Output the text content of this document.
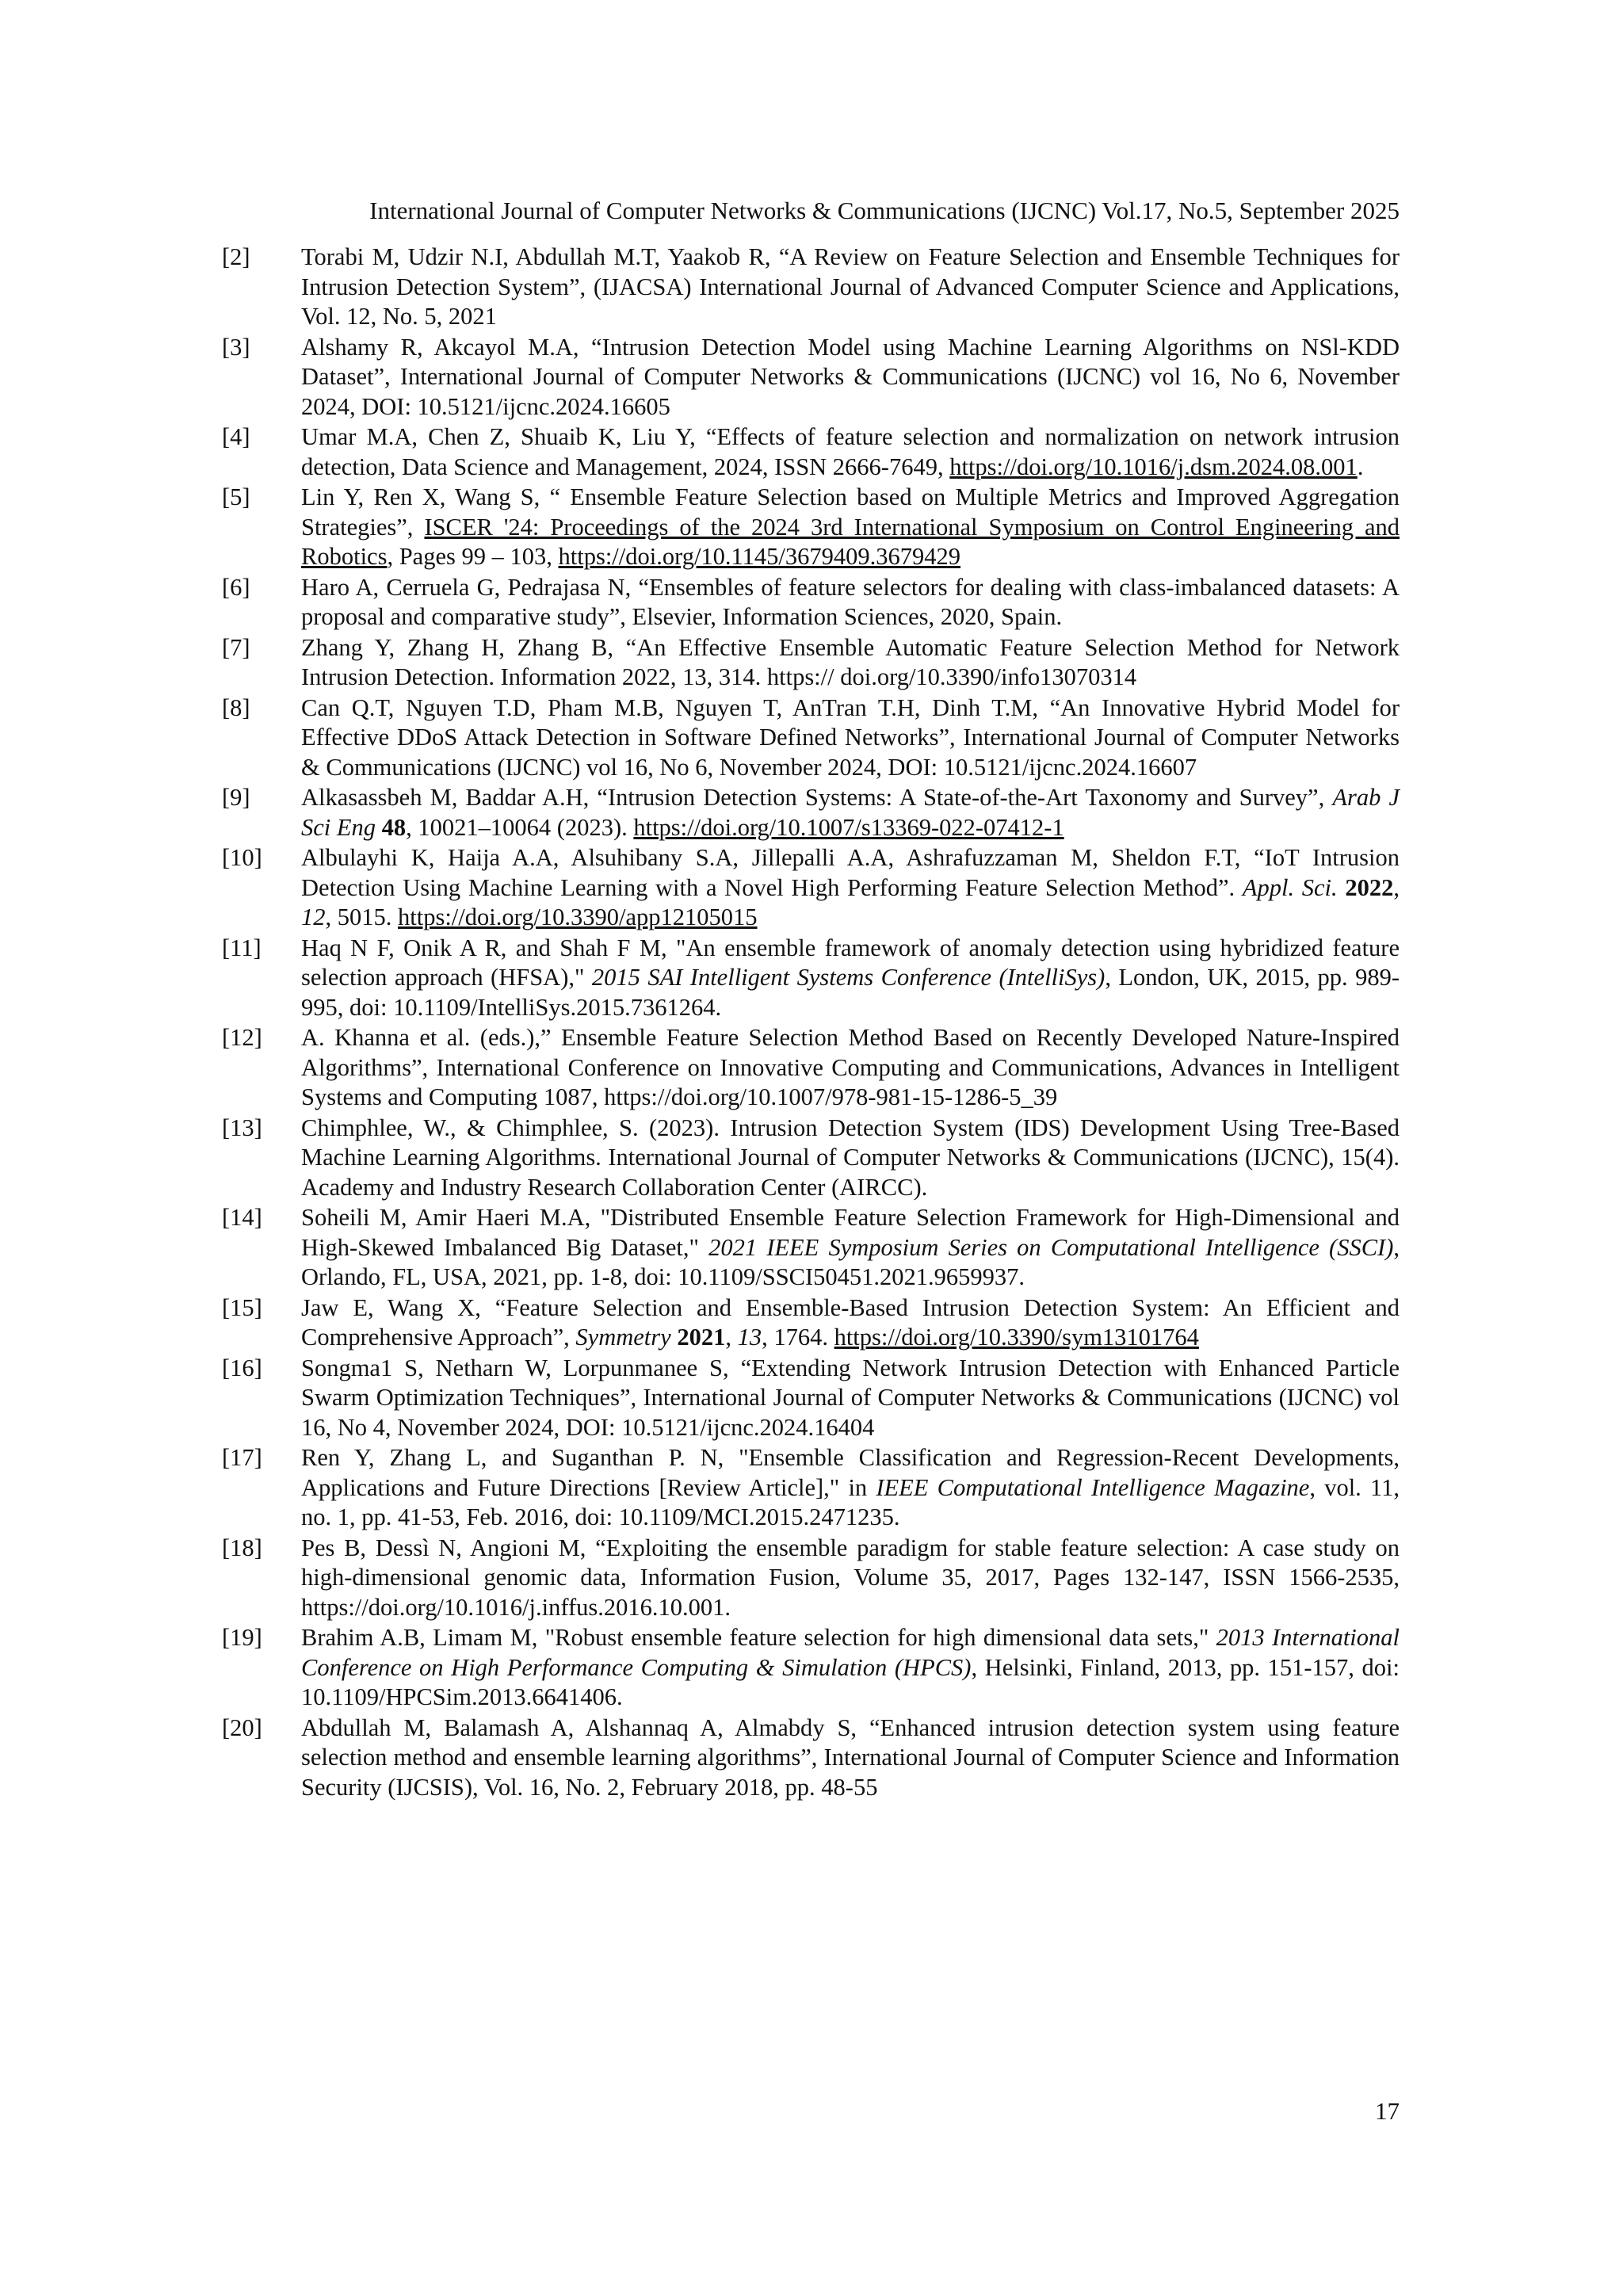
International Journal of Computer Networks & Communications (IJCNC) Vol.17, No.5, September 2025
[2] Torabi M, Udzir N.I, Abdullah M.T, Yaakob R, “A Review on Feature Selection and Ensemble Techniques for Intrusion Detection System”, (IJACSA) International Journal of Advanced Computer Science and Applications, Vol. 12, No. 5, 2021
[3] Alshamy R, Akcayol M.A, “Intrusion Detection Model using Machine Learning Algorithms on NSl-KDD Dataset”, International Journal of Computer Networks & Communications (IJCNC) vol 16, No 6, November 2024, DOI: 10.5121/ijcnc.2024.16605
[4] Umar M.A, Chen Z, Shuaib K, Liu Y, “Effects of feature selection and normalization on network intrusion detection, Data Science and Management, 2024, ISSN 2666-7649, https://doi.org/10.1016/j.dsm.2024.08.001.
[5] Lin Y, Ren X, Wang S, “ Ensemble Feature Selection based on Multiple Metrics and Improved Aggregation Strategies”, ISCER '24: Proceedings of the 2024 3rd International Symposium on Control Engineering and Robotics, Pages 99 – 103, https://doi.org/10.1145/3679409.3679429
[6] Haro A, Cerruela G, Pedrajasa N, “Ensembles of feature selectors for dealing with class-imbalanced datasets: A proposal and comparative study”, Elsevier, Information Sciences, 2020, Spain.
[7] Zhang Y, Zhang H, Zhang B, “An Effective Ensemble Automatic Feature Selection Method for Network Intrusion Detection. Information 2022, 13, 314. https:// doi.org/10.3390/info13070314
[8] Can Q.T, Nguyen T.D, Pham M.B, Nguyen T, AnTran T.H, Dinh T.M, “An Innovative Hybrid Model for Effective DDoS Attack Detection in Software Defined Networks”, International Journal of Computer Networks & Communications (IJCNC) vol 16, No 6, November 2024, DOI: 10.5121/ijcnc.2024.16607
[9] Alkasassbeh M, Baddar A.H, “Intrusion Detection Systems: A State-of-the-Art Taxonomy and Survey”, Arab J Sci Eng 48, 10021–10064 (2023). https://doi.org/10.1007/s13369-022-07412-1
[10] Albulayhi K, Haija A.A, Alsuhibany S.A, Jillepalli A.A, Ashrafuzzaman M, Sheldon F.T, “IoT Intrusion Detection Using Machine Learning with a Novel High Performing Feature Selection Method”. Appl. Sci. 2022, 12, 5015. https://doi.org/10.3390/app12105015
[11] Haq N F, Onik A R, and Shah F M, "An ensemble framework of anomaly detection using hybridized feature selection approach (HFSA)," 2015 SAI Intelligent Systems Conference (IntelliSys), London, UK, 2015, pp. 989-995, doi: 10.1109/IntelliSys.2015.7361264.
[12] A. Khanna et al. (eds.),” Ensemble Feature Selection Method Based on Recently Developed Nature-Inspired Algorithms”, International Conference on Innovative Computing and Communications, Advances in Intelligent Systems and Computing 1087, https://doi.org/10.1007/978-981-15-1286-5_39
[13] Chimphlee, W., & Chimphlee, S. (2023). Intrusion Detection System (IDS) Development Using Tree-Based Machine Learning Algorithms. International Journal of Computer Networks & Communications (IJCNC), 15(4). Academy and Industry Research Collaboration Center (AIRCC).
[14] Soheili M, Amir Haeri M.A, "Distributed Ensemble Feature Selection Framework for High-Dimensional and High-Skewed Imbalanced Big Dataset," 2021 IEEE Symposium Series on Computational Intelligence (SSCI), Orlando, FL, USA, 2021, pp. 1-8, doi: 10.1109/SSCI50451.2021.9659937.
[15] Jaw E, Wang X, “Feature Selection and Ensemble-Based Intrusion Detection System: An Efficient and Comprehensive Approach”, Symmetry 2021, 13, 1764. https://doi.org/10.3390/sym13101764
[16] Songma1 S, Netharn W, Lorpunmanee S, “Extending Network Intrusion Detection with Enhanced Particle Swarm Optimization Techniques”, International Journal of Computer Networks & Communications (IJCNC) vol 16, No 4, November 2024, DOI: 10.5121/ijcnc.2024.16404
[17] Ren Y, Zhang L, and Suganthan P. N, "Ensemble Classification and Regression-Recent Developments, Applications and Future Directions [Review Article]," in IEEE Computational Intelligence Magazine, vol. 11, no. 1, pp. 41-53, Feb. 2016, doi: 10.1109/MCI.2015.2471235.
[18] Pes B, Dessì N, Angioni M, “Exploiting the ensemble paradigm for stable feature selection: A case study on high-dimensional genomic data, Information Fusion, Volume 35, 2017, Pages 132-147, ISSN 1566-2535, https://doi.org/10.1016/j.inffus.2016.10.001.
[19] Brahim A.B, Limam M, "Robust ensemble feature selection for high dimensional data sets," 2013 International Conference on High Performance Computing & Simulation (HPCS), Helsinki, Finland, 2013, pp. 151-157, doi: 10.1109/HPCSim.2013.6641406.
[20] Abdullah M, Balamash A, Alshannaq A, Almabdy S, “Enhanced intrusion detection system using feature selection method and ensemble learning algorithms”, International Journal of Computer Science and Information Security (IJCSIS), Vol. 16, No. 2, February 2018, pp. 48-55
17
